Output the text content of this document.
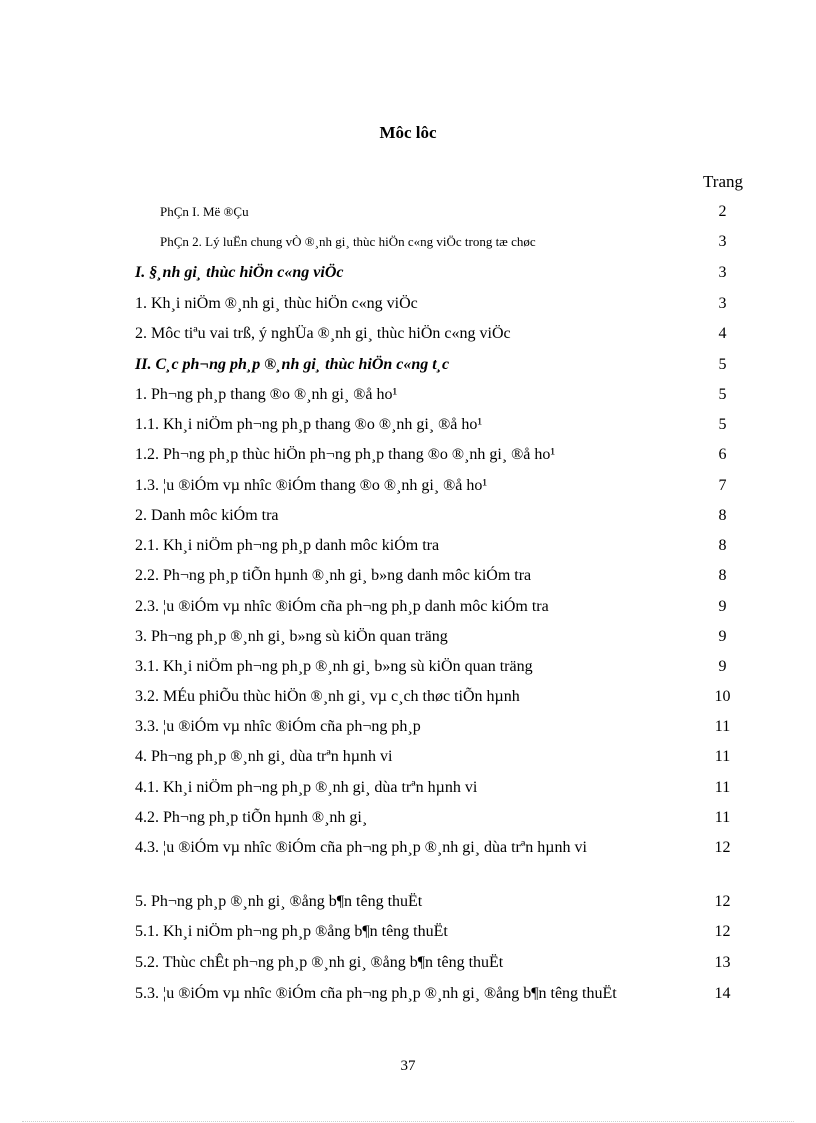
Môc lôc
Trang
PhÇn I. Më ®Çu	2
PhÇn 2. Lý luËn chung vÒ ®¸nh gi¸ thùc hiÖn c«ng viÖc trong tæ chøc	3
I. §¸nh gi¸ thùc hiÖn c«ng viÖc	3
1. Kh¸i niÖm ®¸nh gi¸ thùc hiÖn c«ng viÖc	3
2. Môc tiªu vai trß, ý nghÜa ®¸nh gi¸ thùc hiÖn c«ng viÖc	4
II. C¸c ph¬ng ph¸p ®¸nh gi¸ thùc hiÖn c«ng t¸c	5
1. Ph¬ng ph¸p thang ®o ®¸nh gi¸ ®å ho¹	5
1.1. Kh¸i niÖm ph¬ng ph¸p thang ®o ®¸nh gi¸ ®å ho¹	5
1.2. Ph¬ng ph¸p thùc hiÖn ph¬ng ph¸p thang ®o ®¸nh gi¸ ®å ho¹	6
1.3. ¦u ®iÓm vµ nhîc ®iÓm thang ®o ®¸nh gi¸ ®å ho¹	7
2. Danh môc kiÓm tra	8
2.1. Kh¸i niÖm ph¬ng ph¸p danh môc kiÓm tra	8
2.2. Ph¬ng ph¸p tiÕn hµnh ®¸nh gi¸ b»ng danh môc kiÓm tra	8
2.3. ¦u ®iÓm vµ nhîc ®iÓm cña ph¬ng ph¸p danh môc kiÓm tra	9
3. Ph¬ng ph¸p ®¸nh gi¸ b»ng sù kiÖn quan träng	9
3.1. Kh¸i niÖm ph¬ng ph¸p ®¸nh gi¸ b»ng sù kiÖn quan träng	9
3.2. MÉu phiÕu thùc hiÖn ®¸nh gi¸ vµ c¸ch thøc tiÕn hµnh	10
3.3. ¦u ®iÓm vµ nhîc ®iÓm cña ph¬ng ph¸p	11
4. Ph¬ng ph¸p ®¸nh gi¸ dùa trªn hµnh vi	11
4.1. Kh¸i niÖm ph¬ng ph¸p ®¸nh gi¸ dùa trªn hµnh vi	11
4.2. Ph¬ng ph¸p tiÕn hµnh ®¸nh gi¸	11
4.3. ¦u ®iÓm vµ nhîc ®iÓm cña ph¬ng ph¸p ®¸nh gi¸ dùa trªn hµnh vi	12
5. Ph¬ng ph¸p ®¸nh gi¸ ®ång b¶n têng thuËt	12
5.1. Kh¸i niÖm ph¬ng ph¸p ®ång b¶n têng thuËt	12
5.2. Thùc chÊt ph¬ng ph¸p ®¸nh gi¸ ®ång b¶n têng thuËt	13
5.3. ¦u ®iÓm vµ nhîc ®iÓm cña ph¬ng ph¸p ®¸nh gi¸ ®ång b¶n têng thuËt	14
37
